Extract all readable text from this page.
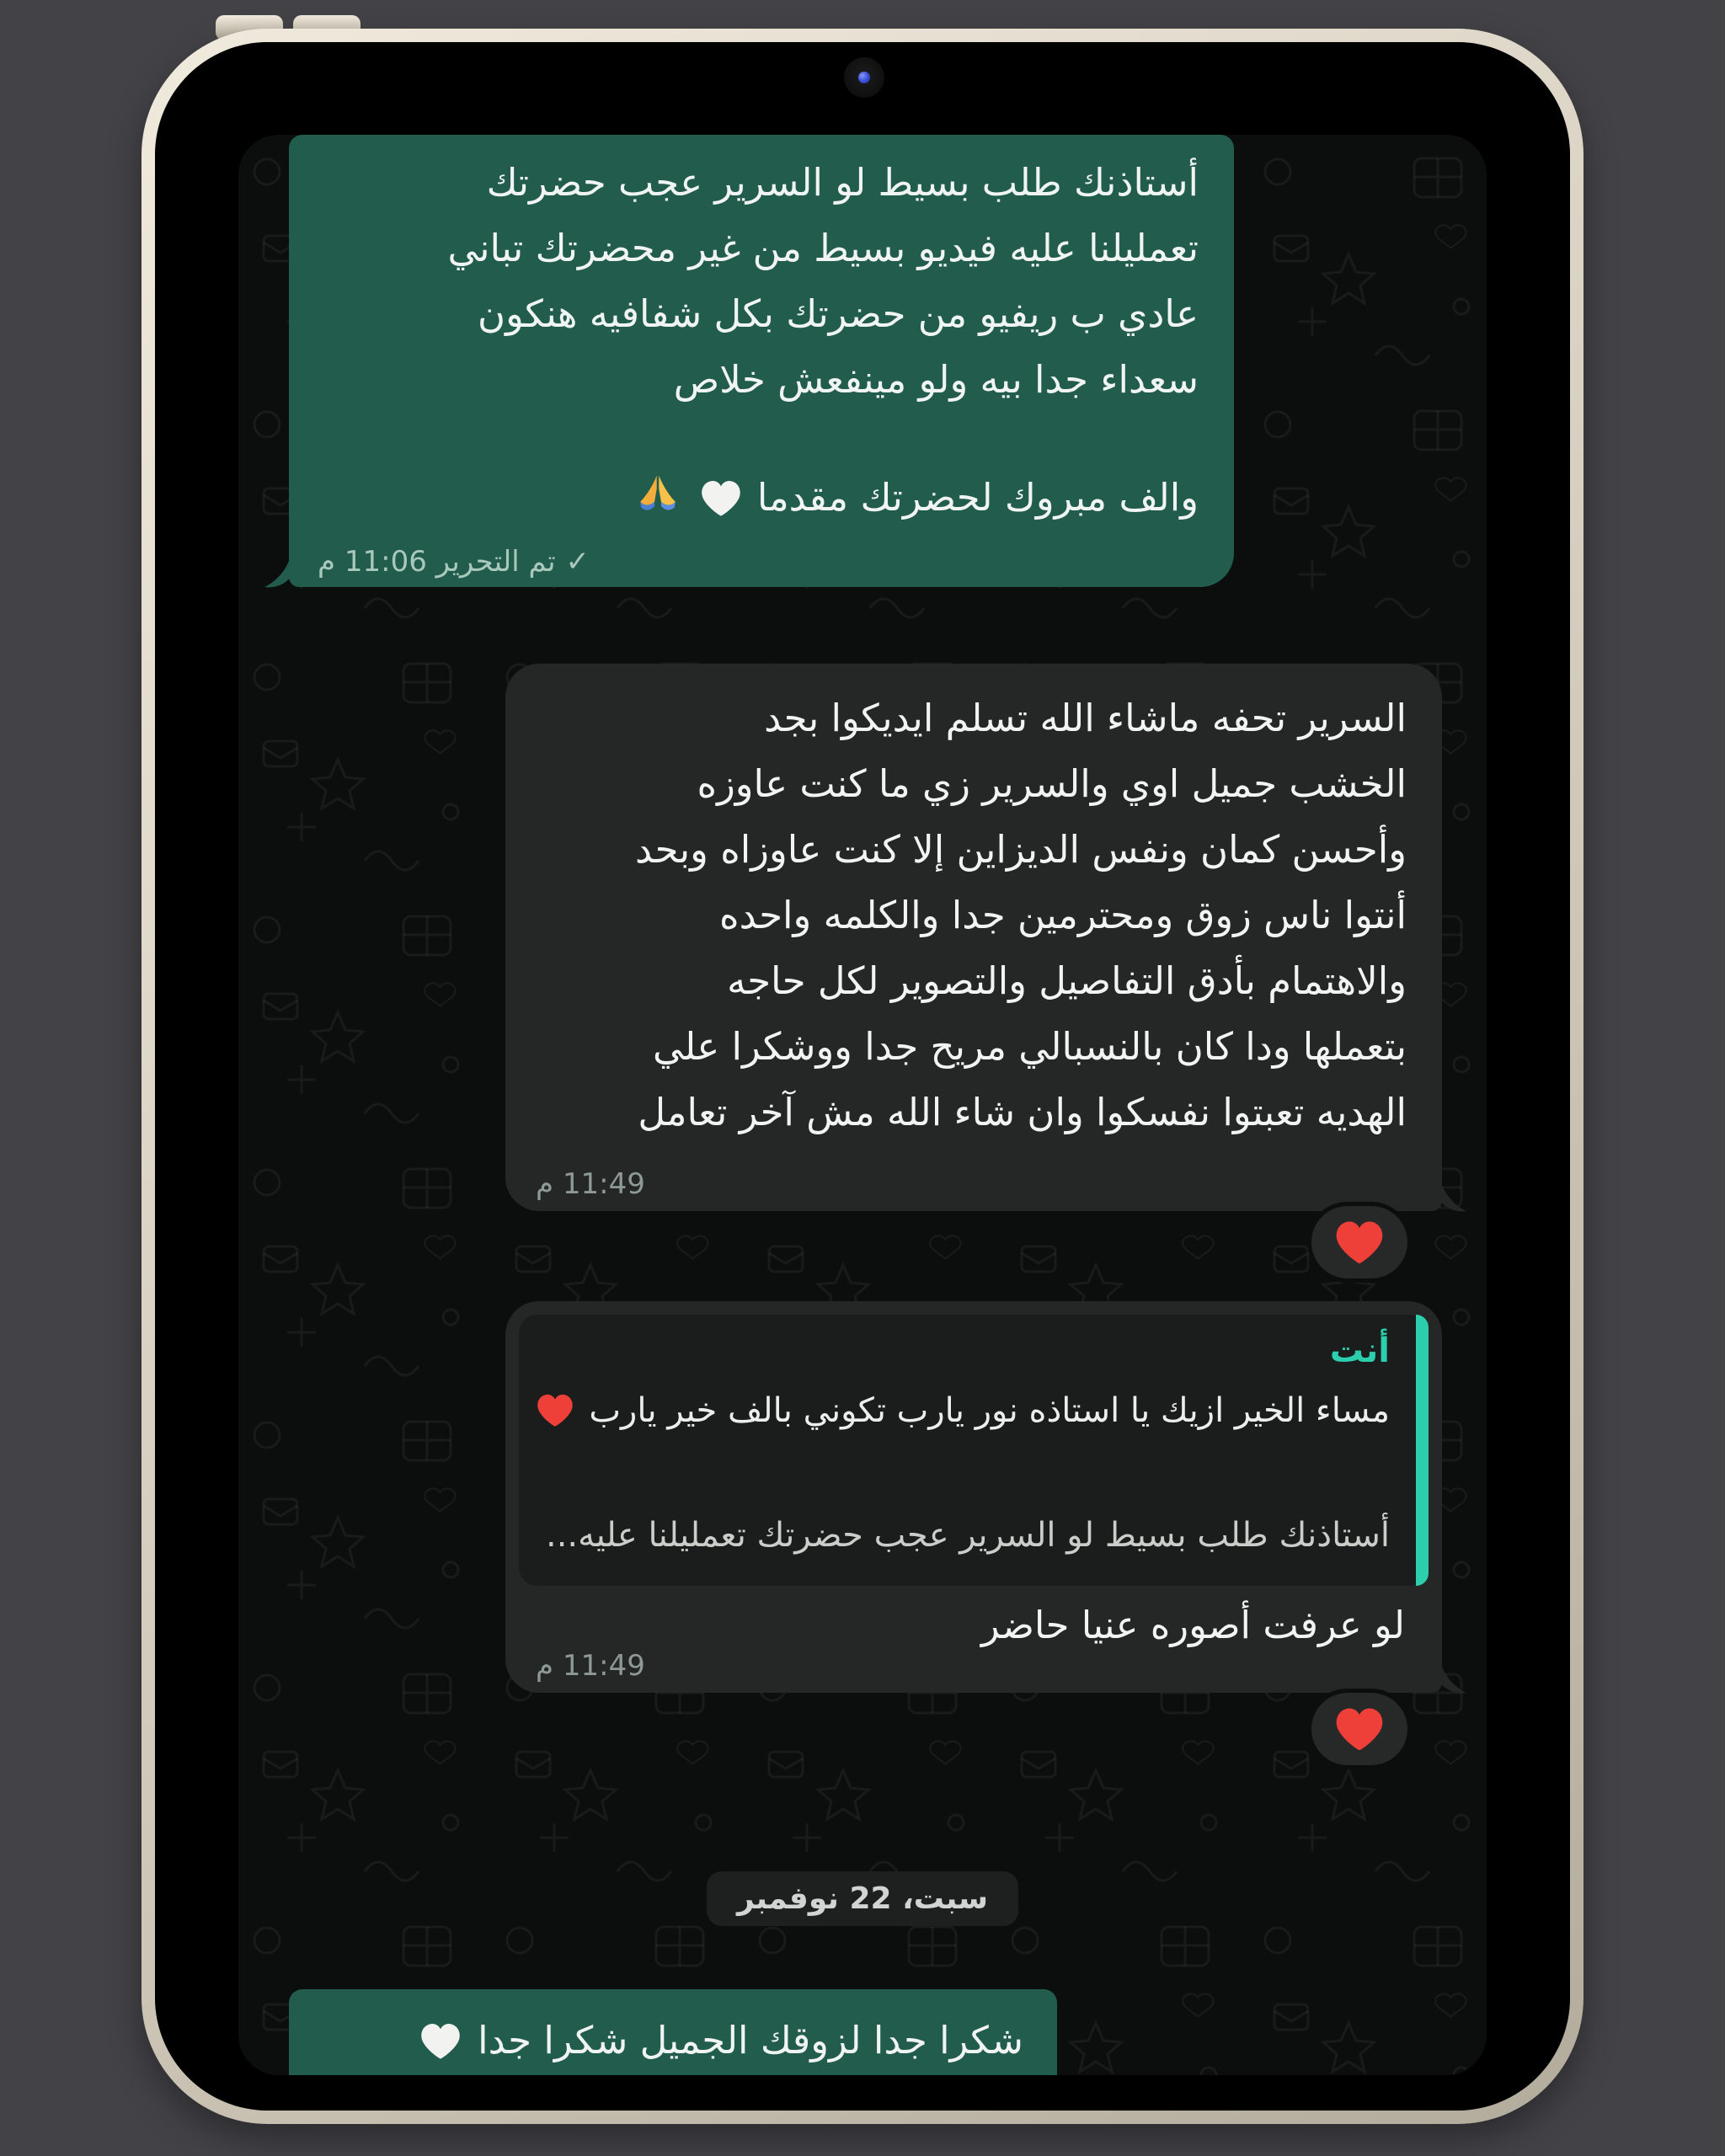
أستاذنك طلب بسيط لو السرير عجب حضرتك
تعمليلنا عليه فيديو بسيط من غير محضرتك تباني
عادي ب ريفيو من حضرتك بكل شفافيه هنكون
سعداء جدا بيه ولو مينفعش خلاص
والف مبروك لحضرتك مقدما
تم التحرير 11:06 م ✓
السرير تحفه ماشاء الله تسلم ايديكوا بجد
الخشب جميل اوي والسرير زي ما كنت عاوزه
وأحسن كمان ونفس الديزاين إلا كنت عاوزاه وبحد
أنتوا ناس زوق ومحترمين جدا والكلمه واحده
والاهتمام بأدق التفاصيل والتصوير لكل حاجه
بتعملها ودا كان بالنسبالي مريح جدا ووشكرا علي
الهديه تعبتوا نفسكوا وان شاء الله مش آخر تعامل
11:49 م
أنت
مساء الخير ازيك يا استاذه نور يارب تكوني بالف خير يارب
أستاذنك طلب بسيط لو السرير عجب حضرتك تعمليلنا عليه...
لو عرفت أصوره عنيا حاضر
11:49 م
سبت، 22 نوفمبر
شكرا جدا لزوقك الجميل شكرا جدا
